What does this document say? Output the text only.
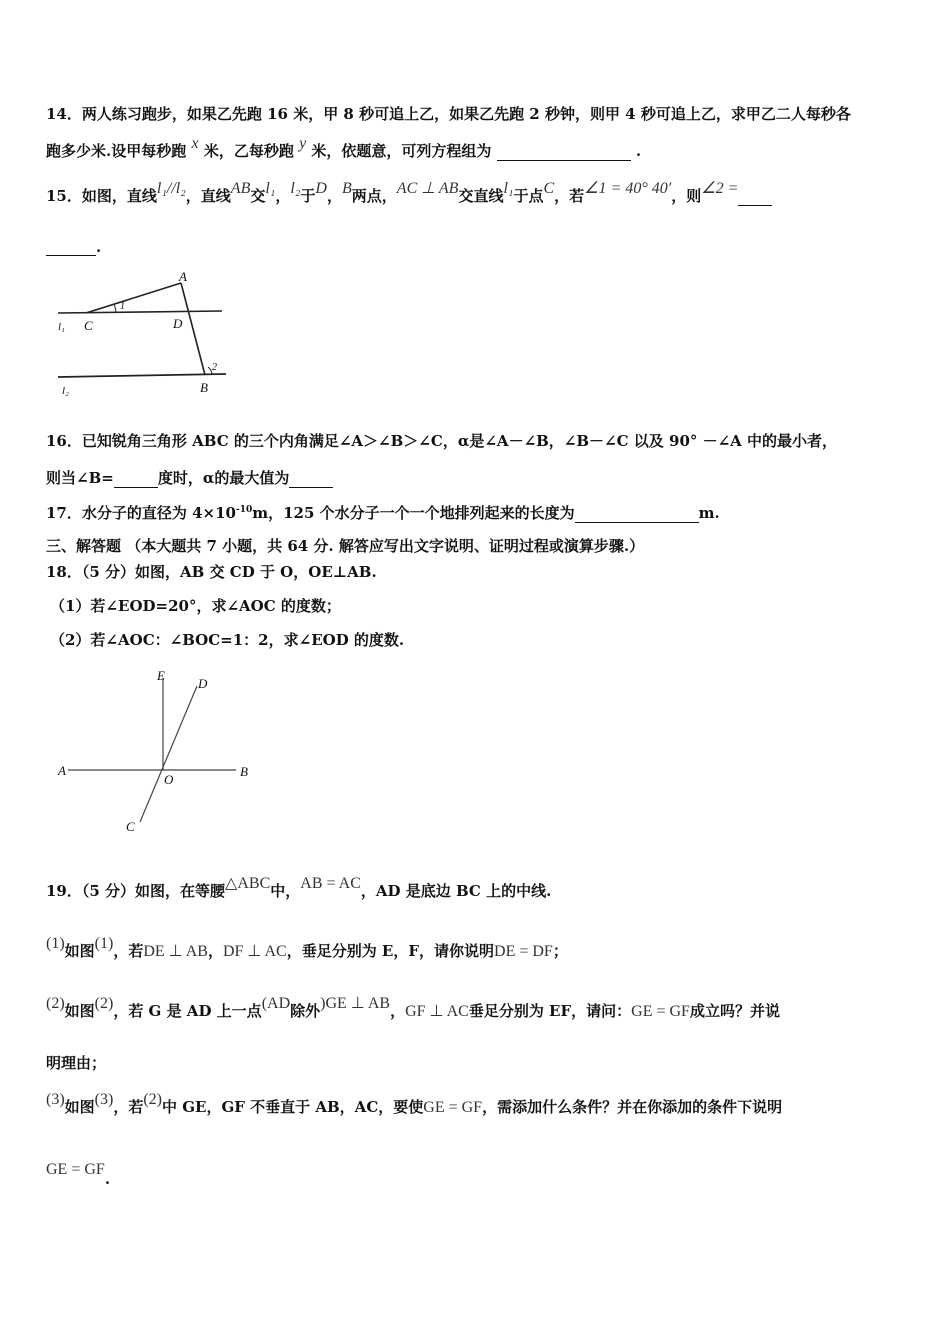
14．两人练习跑步，如果乙先跑 16 米，甲 8 秒可追上乙，如果乙先跑 2 秒钟，则甲 4 秒可追上乙，求甲乙二人每秒各
跑多少米.设甲每秒跑 x 米，乙每秒跑 y 米，依题意，可列方程组为	.
15．如图，直线l₁//l₂，直线AB交l₁，l₂于D，B两点，AC ⊥ AB交直线l₁于点C，若∠1 = 40° 40′，则∠2 =
.
A
C	D
B
1
2
l₁
l₂
16．已知锐角三角形 ABC 的三个内角满足∠A＞∠B＞∠C，α是∠A－∠B，∠B－∠C 以及 90° －∠A 中的最小者，
则当∠B=	度时，α的最大值为
17．水分子的直径为 $4\times 10^{-10}m$，125 个水分子一个一个地排列起来的长度为	m.
三、解答题 （本大题共 7 小题，共 64 分. 解答应写出文字说明、证明过程或演算步骤.）
18．（5 分）如图，AB 交 CD 于 O，OE⊥AB.
（1）若∠EOD=20°，求∠AOC 的度数；
（2）若∠AOC：∠BOC=1：2，求∠EOD 的度数.
E
D
A
O
B
C
19．（5 分）如图，在等腰△ABC中，AB = AC，AD 是底边 BC 上的中线.
(1)如图(1)，若DE ⊥ AB，DF ⊥ AC，垂足分别为 E，F，请你说明DE = DF；
(2)如图(2)，若 G 是 AD 上一点(AD除外)GE ⊥ AB，GF ⊥ AC垂足分别为 EF，请问：GE = GF成立吗？并说
明理由；
(3)如图(3)，若(2)中 GE，GF 不垂直于 AB，AC，要使GE = GF，需添加什么条件？并在你添加的条件下说明
GE = GF.
